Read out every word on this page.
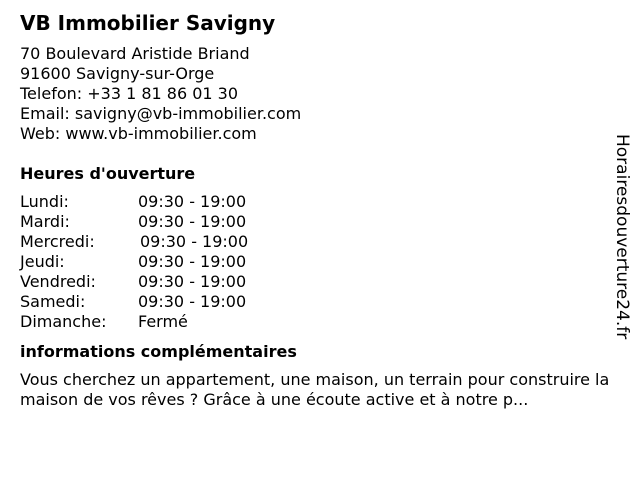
VB Immobilier Savigny
70 Boulevard Aristide Briand
91600 Savigny-sur-Orge
Telefon: +33 1 81 86 01 30
Email: savigny@vb-immobilier.com
Web: www.vb-immobilier.com
Heures d'ouverture
Lundi:	09:30 - 19:00
Mardi:	09:30 - 19:00
Mercredi:	09:30 - 19:00
Jeudi:	09:30 - 19:00
Vendredi:	09:30 - 19:00
Samedi:	09:30 - 19:00
Dimanche:	Fermé
informations complémentaires
Vous cherchez un appartement, une maison, un terrain pour construire la maison de vos rêves ? Grâce à une écoute active et à notre p...
Horairesdouverture24.fr
